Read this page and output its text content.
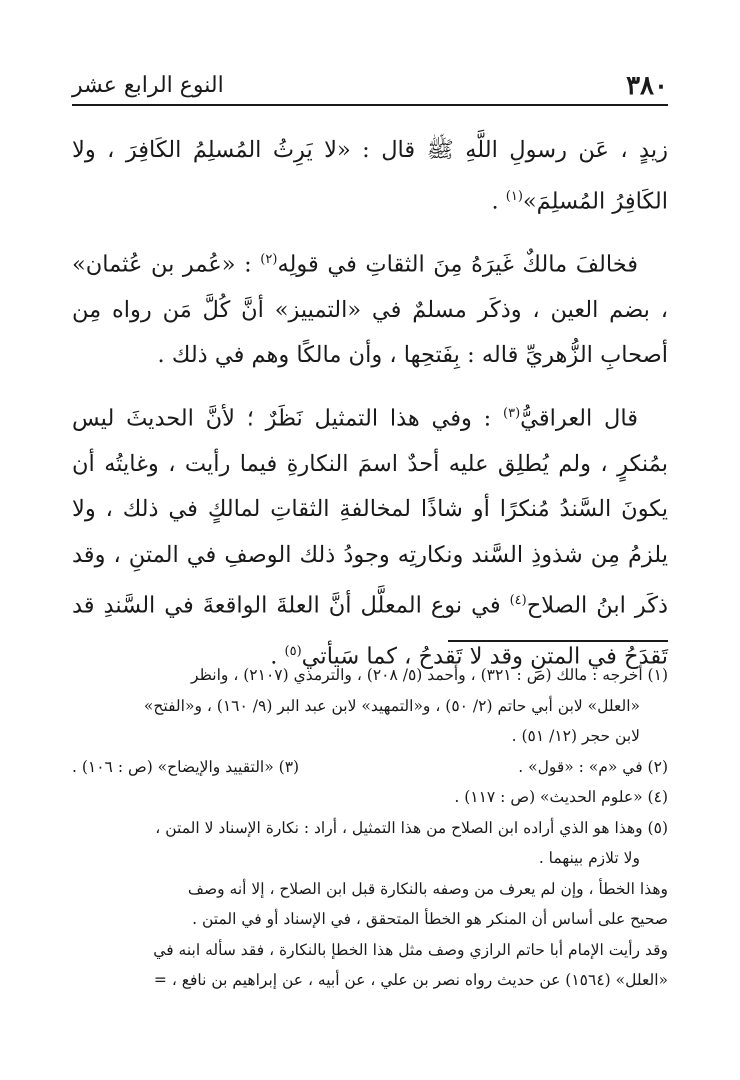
٣٨٠
النوع الرابع عشر

زيدٍ ، عَن رسولِ اللَّهِ ﷺ قال : «لا يَرِثُ المُسلِمُ الكَافِرَ ، ولا الكَافِرُ المُسلِمَ»$^{(١)}$ .

فخالفَ مالكٌ غَيرَهُ مِنَ الثقاتِ في قولِه$^{(٢)}$ : «عُمر بن عُثمان» ، بضم العين ، وذكَر مسلمٌ في «التمييز» أنَّ كُلَّ مَن رواه مِن أصحابِ الزُّهريِّ قاله : بِفَتحِها ، وأن مالكًا وهم في ذلك .

قال العراقيُّ$^{(٣)}$ : وفي هذا التمثيل نَظَرٌ ؛ لأنَّ الحديثَ ليس بمُنكرٍ ، ولم يُطلِق عليه أحدٌ اسمَ النكارةِ فيما رأيت ، وغايتُه أن يكونَ السَّندُ مُنكرًا أو شاذًا لمخالفةِ الثقاتِ لمالكٍ في ذلك ، ولا يلزمُ مِن شذوذِ السَّند ونكارتِه وجودُ ذلك الوصفِ في المتنِ ، وقد ذكَر ابنُ الصلاح$^{(٤)}$ في نوع المعلَّل أنَّ العلةَ الواقعةَ في السَّندِ قد تَقدَحُ في المتنِ وقد لا تَقدحُ ، كما سَيأتي$^{(٥)}$ .

(١) أخرجه : مالك (ص : ٣٢١) ، وأحمد (٥/ ٢٠٨) ، والترمذي (٢١٠٧) ، وانظر

«العلل» لابن أبي حاتم (٢/ ٥٠) ، و«التمهيد» لابن عبد البر (٩/ ١٦٠) ، و«الفتح»

لابن حجر (١٢/ ٥١) .

(٢) في «م» : «قول» .
(٣) «التقييد والإيضاح» (ص : ١٠٦) .

(٤) «علوم الحديث» (ص : ١١٧) .

(٥) وهذا هو الذي أراده ابن الصلاح من هذا التمثيل ، أراد : نكارة الإسناد لا المتن ،

ولا تلازم بينهما .

وهذا الخطأ ، وإن لم يعرف من وصفه بالنكارة قبل ابن الصلاح ، إلا أنه وصف

صحيح على أساس أن المنكر هو الخطأ المتحقق ، في الإسناد أو في المتن .

وقد رأيت الإمام أبا حاتم الرازي وصف مثل هذا الخطإ بالنكارة ، فقد سأله ابنه في

«العلل» (١٥٦٤) عن حديث رواه نصر بن علي ، عن أبيه ، عن إبراهيم بن نافع ، =
